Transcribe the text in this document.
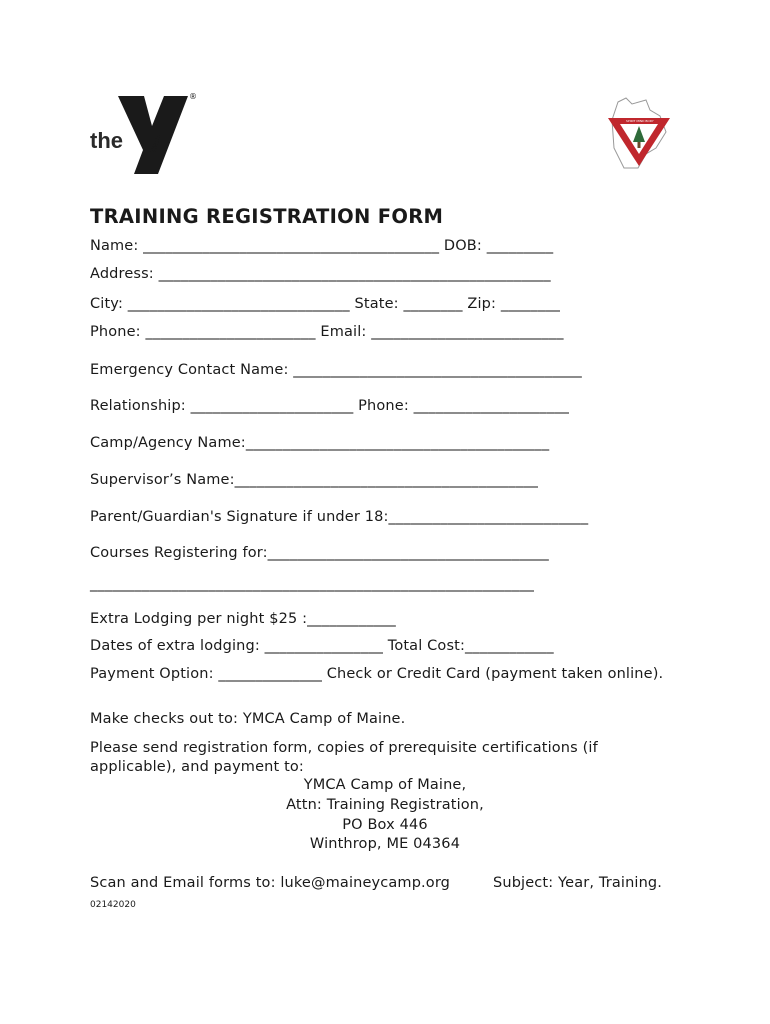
the	YMCA
®
SPIRIT MIND BODY
TRAINING REGISTRATION FORM
Name: ________________________________________ DOB: _________
Address: _____________________________________________________
City: ______________________________ State: ________ Zip: ________
Phone: _______________________ Email: __________________________
Emergency Contact Name: _______________________________________
Relationship: ______________________ Phone: _____________________
Camp/Agency Name:_________________________________________
Supervisor’s Name:_________________________________________
Parent/Guardian's Signature if under 18:___________________________
Courses Registering for:______________________________________
____________________________________________________________
Extra Lodging per night $25 :____________
Dates of extra lodging: ________________ Total Cost:____________
Payment Option: ______________ Check or Credit Card (payment taken online).
Make checks out to: YMCA Camp of Maine.
Please send registration form, copies of prerequisite certifications (if applicable), and payment to:
YMCA Camp of Maine,
Attn: Training Registration,
PO Box 446
Winthrop, ME 04364
Scan and Email forms to: luke@maineycamp.org	Subject: Year, Training.
02142020
